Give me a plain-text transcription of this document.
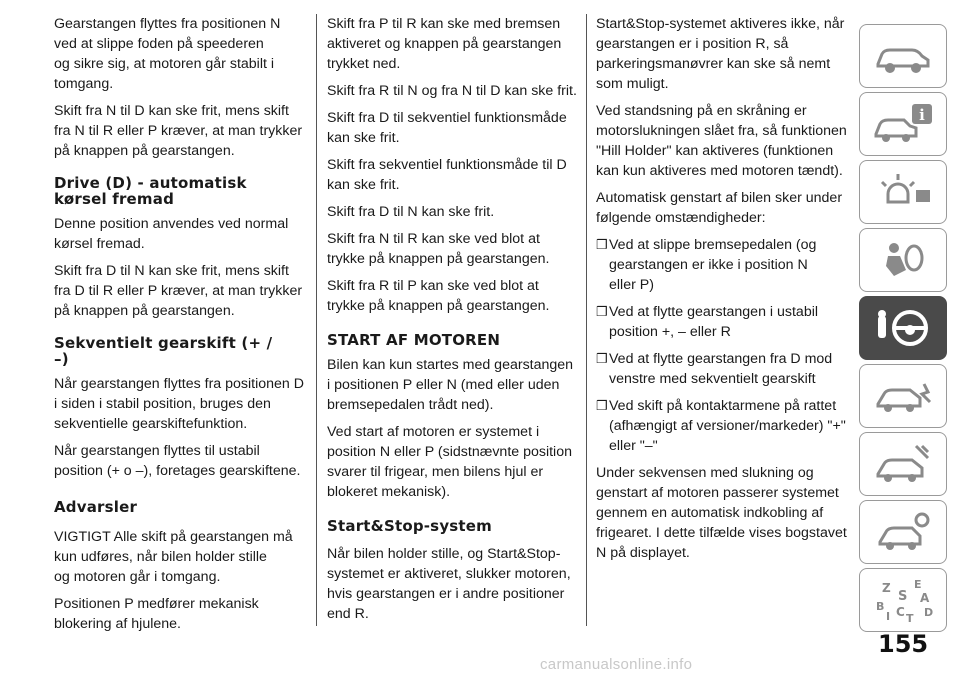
Gearstangen flyttes fra positionen N
ved at slippe foden på speederen
og sikre sig, at motoren går stabilt i
tomgang.

Skift fra N til D kan ske frit, mens skift
fra N til R eller P kræver, at man trykker
på knappen på gearstangen.

Drive (D) - automatisk
kørsel fremad

Denne position anvendes ved normal
kørsel fremad.

Skift fra D til N kan ske frit, mens skift
fra D til R eller P kræver, at man trykker
på knappen på gearstangen.

Sekventielt gearskift (+ /
–)

Når gearstangen flyttes fra positionen D
i siden i stabil position, bruges den
sekventielle gearskiftefunktion.

Når gearstangen flyttes til ustabil
position (+ o –), foretages gearskiftene.

Advarsler

VIGTIGT Alle skift på gearstangen må
kun udføres, når bilen holder stille
og motoren går i tomgang.

Positionen P medfører mekanisk
blokering af hjulene.

Skift fra P til R kan ske med bremsen
aktiveret og knappen på gearstangen
trykket ned.

Skift fra R til N og fra N til D kan ske frit.

Skift fra D til sekventiel funktionsmåde
kan ske frit.

Skift fra sekventiel funktionsmåde til D
kan ske frit.

Skift fra D til N kan ske frit.

Skift fra N til R kan ske ved blot at
trykke på knappen på gearstangen.

Skift fra R til P kan ske ved blot at
trykke på knappen på gearstangen.

START AF MOTOREN

Bilen kan kun startes med gearstangen
i positionen P eller N (med eller uden
bremsepedalen trådt ned).

Ved start af motoren er systemet i
position N eller P (sidstnævnte position
svarer til frigear, men bilens hjul er
blokeret mekanisk).

Start&Stop-system

Når bilen holder stille, og Start&Stop-
systemet er aktiveret, slukker motoren,
hvis gearstangen er i andre positioner
end R.

Start&Stop-systemet aktiveres ikke, når
gearstangen er i position R, så
parkeringsmanøvrer kan ske så nemt
som muligt.

Ved standsning på en skråning er
motorslukningen slået fra, så funktionen
"Hill Holder" kan aktiveres (funktionen
kan kun aktiveres med motoren tændt).

Automatisk genstart af bilen sker under
følgende omstændigheder:

❒ Ved at slippe bremsepedalen (og
gearstangen er ikke i position N
eller P)
❒ Ved at flytte gearstangen i ustabil
position +, – eller R
❒ Ved at flytte gearstangen fra D mod
venstre med sekventielt gearskift
❒ Ved skift på kontaktarmene på rattet
(afhængigt af versioner/markeder) "+"
eller "–"

Under sekvensen med slukning og
genstart af motoren passerer systemet
gennem en automatisk indkobling af
frigearet. I dette tilfælde vises bogstavet
N på displayet.

i
Z E
S A
B C D
I T
155
carmanualsonline.info
